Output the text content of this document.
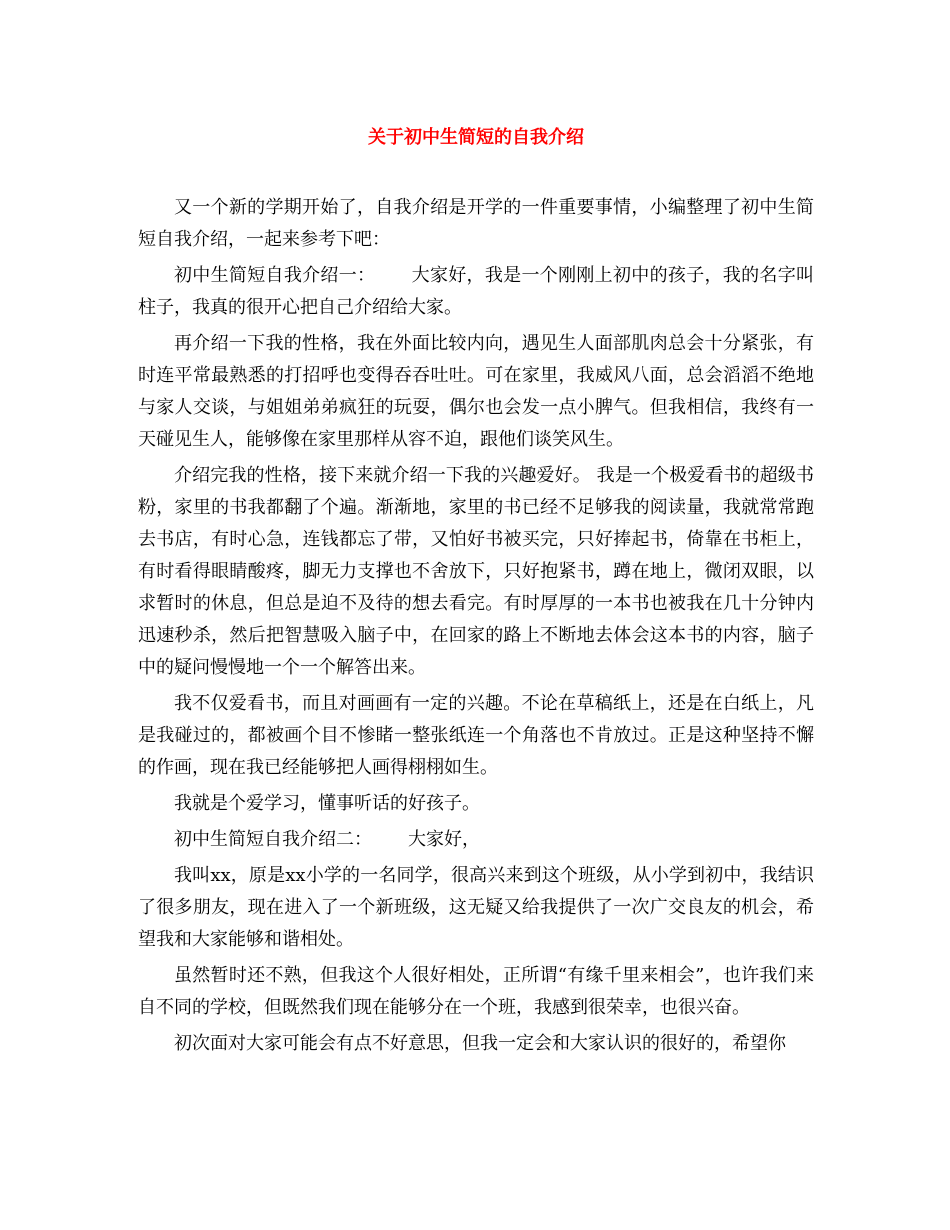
关于初中生简短的自我介绍

又一个新的学期开始了，自我介绍是开学的一件重要事情，小编整理了初中生简短自我介绍，一起来参考下吧：

初中生简短自我介绍一： 大家好，我是一个刚刚上初中的孩子，我的名字叫柱子，我真的很开心把自己介绍给大家。

再介绍一下我的性格，我在外面比较内向，遇见生人面部肌肉总会十分紧张，有时连平常最熟悉的打招呼也变得吞吞吐吐。可在家里，我威风八面，总会滔滔不绝地与家人交谈，与姐姐弟弟疯狂的玩耍，偶尔也会发一点小脾气。但我相信，我终有一天碰见生人，能够像在家里那样从容不迫，跟他们谈笑风生。

介绍完我的性格，接下来就介绍一下我的兴趣爱好。 我是一个极爱看书的超级书粉，家里的书我都翻了个遍。渐渐地，家里的书已经不足够我的阅读量，我就常常跑去书店，有时心急，连钱都忘了带，又怕好书被买完，只好捧起书，倚靠在书柜上，有时看得眼睛酸疼，脚无力支撑也不舍放下，只好抱紧书，蹲在地上，微闭双眼，以求暂时的休息，但总是迫不及待的想去看完。有时厚厚的一本书也被我在几十分钟内迅速秒杀，然后把智慧吸入脑子中，在回家的路上不断地去体会这本书的内容，脑子中的疑问慢慢地一个一个解答出来。

我不仅爱看书，而且对画画有一定的兴趣。不论在草稿纸上，还是在白纸上，凡是我碰过的，都被画个目不惨睹一整张纸连一个角落也不肯放过。正是这种坚持不懈的作画，现在我已经能够把人画得栩栩如生。

我就是个爱学习，懂事听话的好孩子。

初中生简短自我介绍二： 大家好，

我叫xx，原是xx小学的一名同学，很高兴来到这个班级，从小学到初中，我结识了很多朋友，现在进入了一个新班级，这无疑又给我提供了一次广交良友的机会，希望我和大家能够和谐相处。

虽然暂时还不熟，但我这个人很好相处，正所谓“有缘千里来相会”，也许我们来自不同的学校，但既然我们现在能够分在一个班，我感到很荣幸，也很兴奋。

初次面对大家可能会有点不好意思，但我一定会和大家认识的很好的，希望你
